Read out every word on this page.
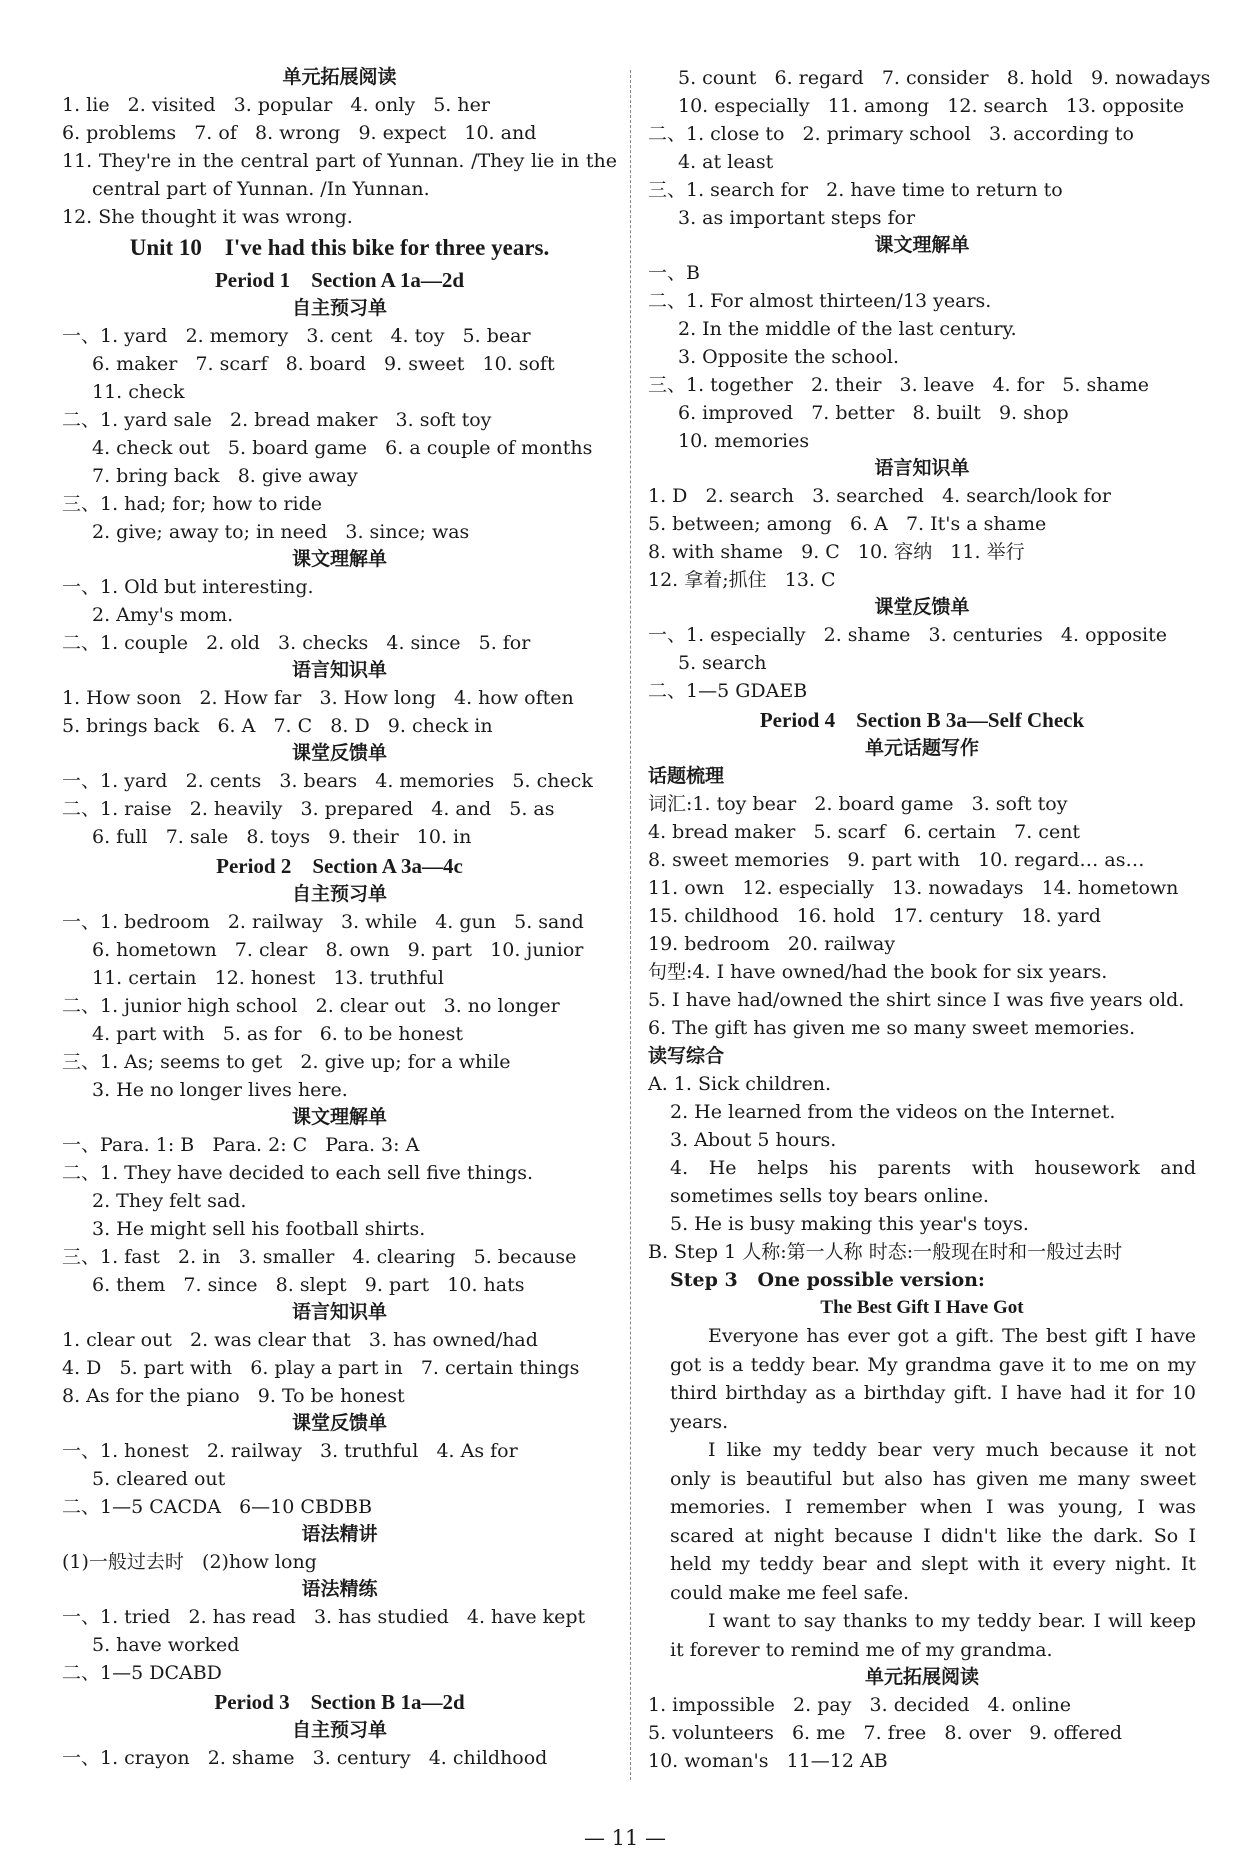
单元拓展阅读
1. lie   2. visited   3. popular   4. only   5. her
6. problems   7. of   8. wrong   9. expect   10. and
11. They're in the central part of Yunnan. /They lie in the central part of Yunnan. /In Yunnan.
12. She thought it was wrong.
Unit 10    I've had this bike for three years.
Period 1    Section A 1a—2d
自主预习单
一、1. yard   2. memory   3. cent   4. toy   5. bear
6. maker   7. scarf   8. board   9. sweet   10. soft
11. check
二、1. yard sale   2. bread maker   3. soft toy
4. check out   5. board game   6. a couple of months
7. bring back   8. give away
三、1. had; for; how to ride
2. give; away to; in need   3. since; was
课文理解单
一、1. Old but interesting.
2. Amy's mom.
二、1. couple   2. old   3. checks   4. since   5. for
语言知识单
1. How soon   2. How far   3. How long   4. how often
5. brings back   6. A   7. C   8. D   9. check in
课堂反馈单
一、1. yard   2. cents   3. bears   4. memories   5. check
二、1. raise   2. heavily   3. prepared   4. and   5. as
6. full   7. sale   8. toys   9. their   10. in
Period 2    Section A 3a—4c
自主预习单
一、1. bedroom   2. railway   3. while   4. gun   5. sand
6. hometown   7. clear   8. own   9. part   10. junior
11. certain   12. honest   13. truthful
二、1. junior high school   2. clear out   3. no longer
4. part with   5. as for   6. to be honest
三、1. As; seems to get   2. give up; for a while
3. He no longer lives here.
课文理解单
一、Para. 1: B   Para. 2: C   Para. 3: A
二、1. They have decided to each sell five things.
2. They felt sad.
3. He might sell his football shirts.
三、1. fast   2. in   3. smaller   4. clearing   5. because
6. them   7. since   8. slept   9. part   10. hats
语言知识单
1. clear out   2. was clear that   3. has owned/had
4. D   5. part with   6. play a part in   7. certain things
8. As for the piano   9. To be honest
课堂反馈单
一、1. honest   2. railway   3. truthful   4. As for
5. cleared out
二、1—5 CACDA   6—10 CBDBB
语法精讲
(1)一般过去时   (2)how long
语法精练
一、1. tried   2. has read   3. has studied   4. have kept
5. have worked
二、1—5 DCABD
Period 3    Section B 1a—2d
自主预习单
一、1. crayon   2. shame   3. century   4. childhood
5. count   6. regard   7. consider   8. hold   9. nowadays
10. especially   11. among   12. search   13. opposite
二、1. close to   2. primary school   3. according to
4. at least
三、1. search for   2. have time to return to
3. as important steps for
课文理解单
一、B
二、1. For almost thirteen/13 years.
2. In the middle of the last century.
3. Opposite the school.
三、1. together   2. their   3. leave   4. for   5. shame
6. improved   7. better   8. built   9. shop
10. memories
语言知识单
1. D   2. search   3. searched   4. search/look for
5. between; among   6. A   7. It's a shame
8. with shame   9. C   10. 容纳   11. 举行
12. 拿着;抓住   13. C
课堂反馈单
一、1. especially   2. shame   3. centuries   4. opposite
5. search
二、1—5 GDAEB
Period 4    Section B 3a—Self Check
单元话题写作
话题梳理
词汇:1. toy bear   2. board game   3. soft toy
4. bread maker   5. scarf   6. certain   7. cent
8. sweet memories   9. part with   10. regard… as…
11. own   12. especially   13. nowadays   14. hometown
15. childhood   16. hold   17. century   18. yard
19. bedroom   20. railway
句型:4. I have owned/had the book for six years.
5. I have had/owned the shirt since I was five years old.
6. The gift has given me so many sweet memories.
读写综合
A. 1. Sick children.
2. He learned from the videos on the Internet.
3. About 5 hours.
4. He helps his parents with housework and sometimes sells toy bears online.
5. He is busy making this year's toys.
B. Step 1 人称:第一人称 时态:一般现在时和一般过去时
Step 3   One possible version:
The Best Gift I Have Got
Everyone has ever got a gift. The best gift I have got is a teddy bear. My grandma gave it to me on my third birthday as a birthday gift. I have had it for 10 years.
I like my teddy bear very much because it not only is beautiful but also has given me many sweet memories. I remember when I was young, I was scared at night because I didn't like the dark. So I held my teddy bear and slept with it every night. It could make me feel safe.
I want to say thanks to my teddy bear. I will keep it forever to remind me of my grandma.
单元拓展阅读
1. impossible   2. pay   3. decided   4. online
5. volunteers   6. me   7. free   8. over   9. offered
10. woman's   11—12 AB
— 11 —
